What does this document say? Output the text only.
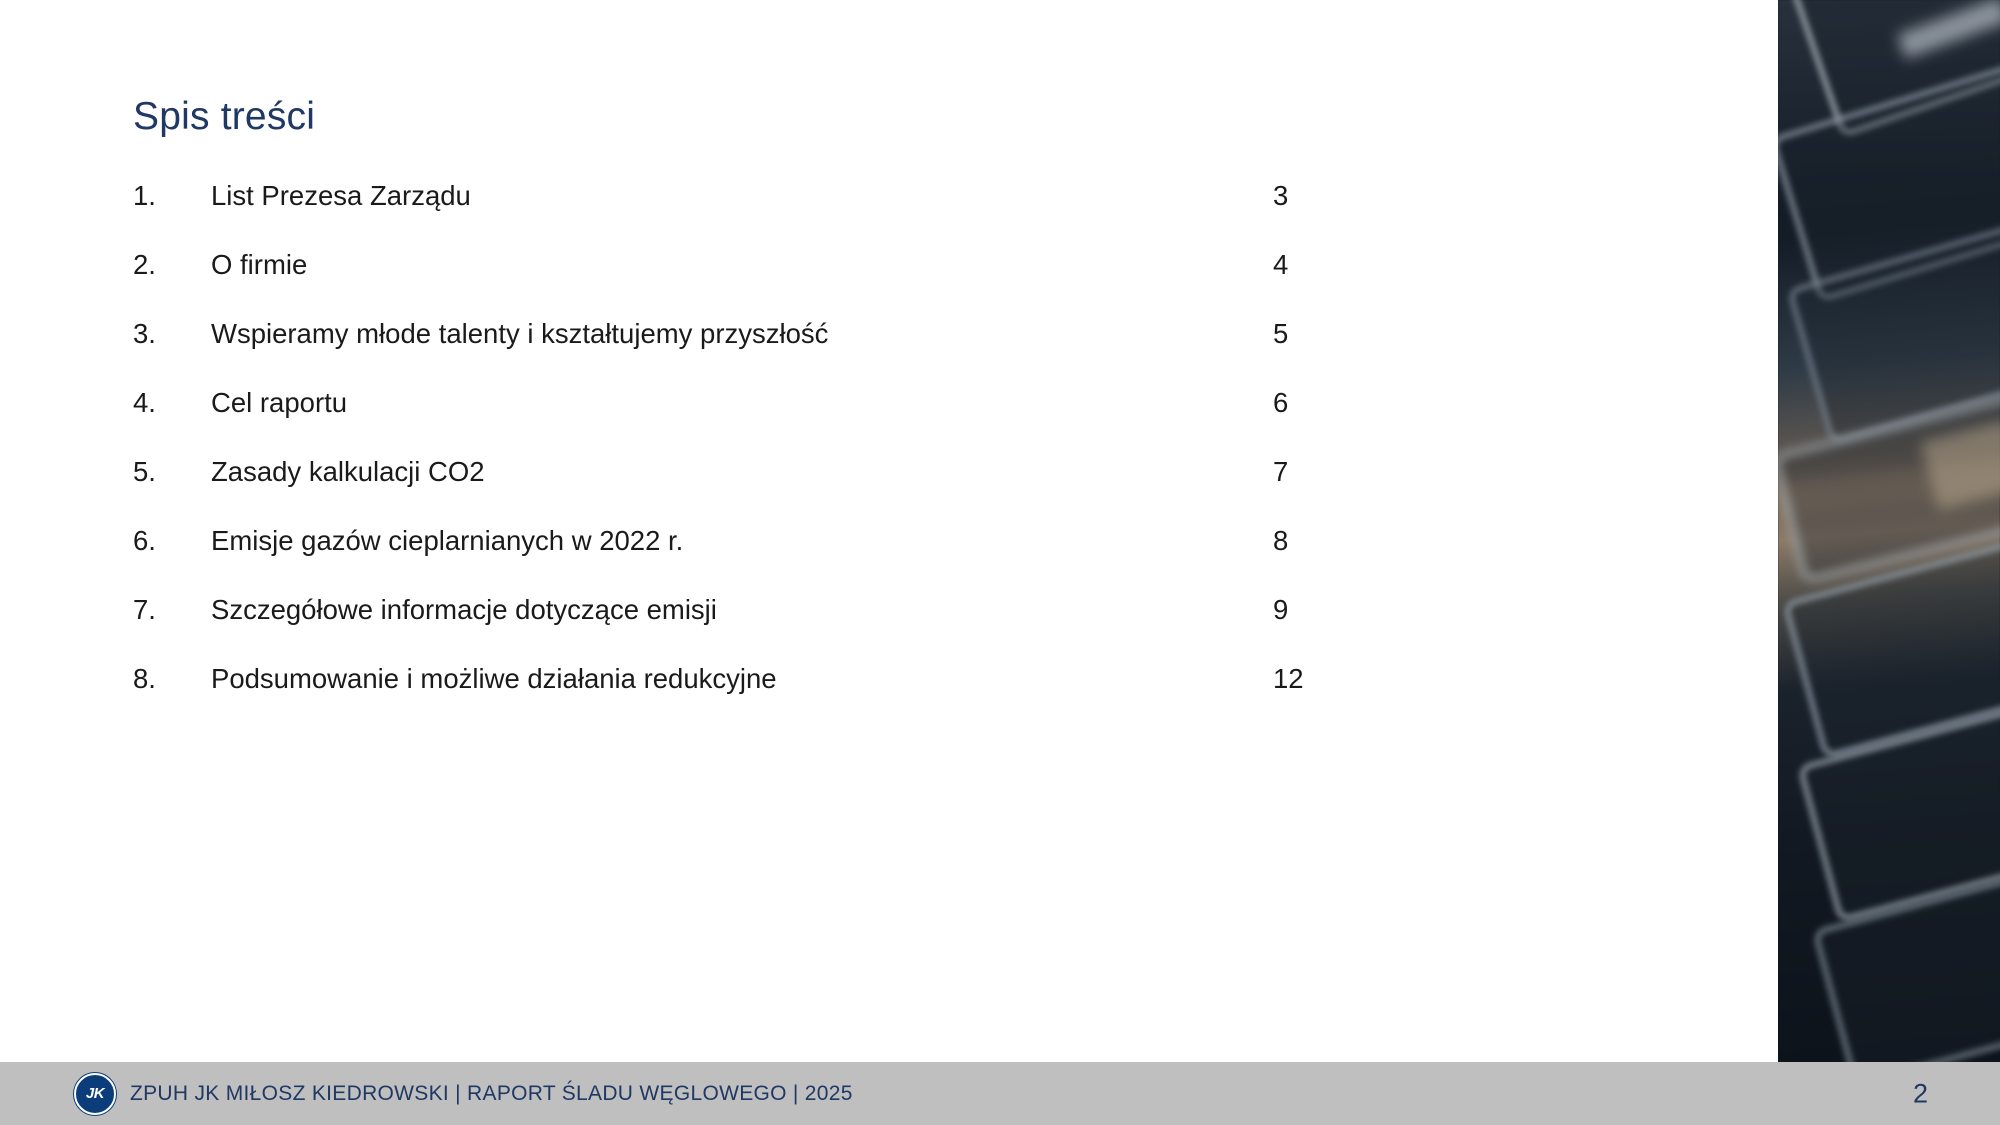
Spis treści
1.	List Prezesa Zarządu	3
2.	O firmie	4
3.	Wspieramy młode talenty i kształtujemy przyszłość	5
4.	Cel raportu	6
5.	Zasady kalkulacji CO2	7
6.	Emisje gazów cieplarnianych w 2022 r.	8
7.	Szczegółowe informacje dotyczące emisji	9
8.	Podsumowanie i możliwe działania redukcyjne	12
JK	ZPUH JK MIŁOSZ KIEDROWSKI | RAPORT ŚLADU WĘGLOWEGO | 2025	2
